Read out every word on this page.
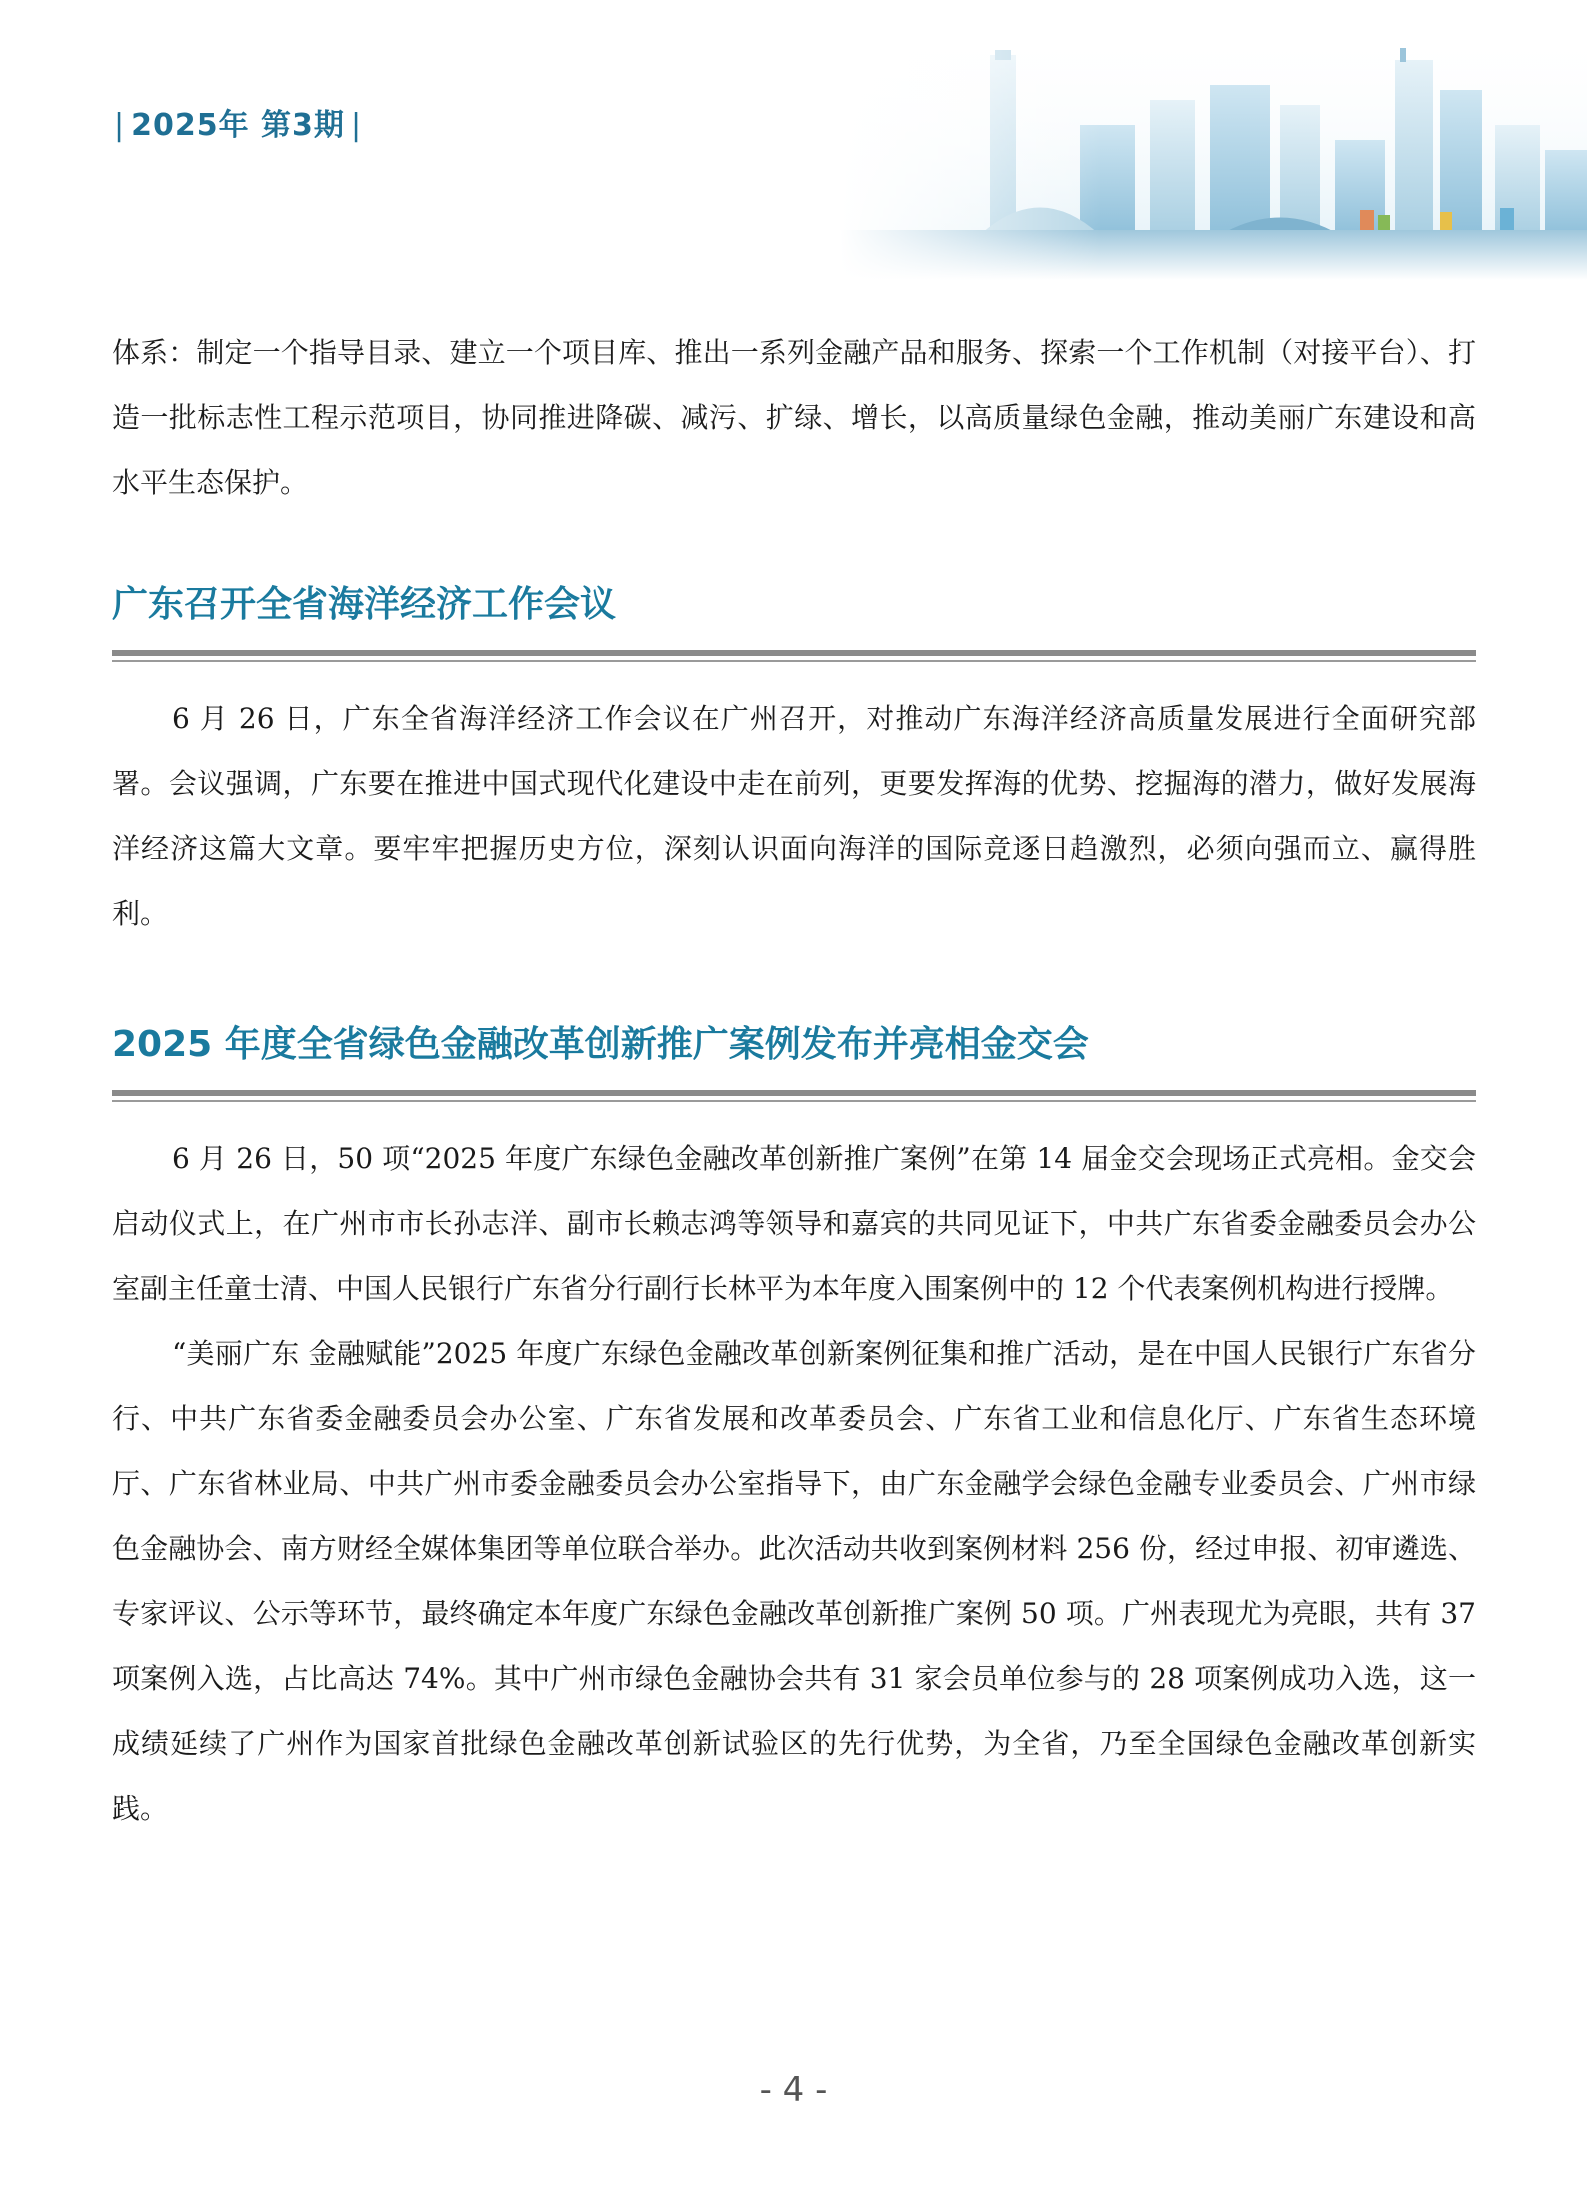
| 2025年 第3期 |

体系：制定一个指导目录、建立一个项目库、推出一系列金融产品和服务、探索一个工作机制（对接平台）、打造一批标志性工程示范项目，协同推进降碳、减污、扩绿、增长，以高质量绿色金融，推动美丽广东建设和高水平生态保护。

广东召开全省海洋经济工作会议

6 月 26 日，广东全省海洋经济工作会议在广州召开，对推动广东海洋经济高质量发展进行全面研究部署。会议强调，广东要在推进中国式现代化建设中走在前列，更要发挥海的优势、挖掘海的潜力，做好发展海洋经济这篇大文章。要牢牢把握历史方位，深刻认识面向海洋的国际竞逐日趋激烈，必须向强而立、赢得胜利。

2025 年度全省绿色金融改革创新推广案例发布并亮相金交会

6 月 26 日，50 项“2025 年度广东绿色金融改革创新推广案例”在第 14 届金交会现场正式亮相。金交会启动仪式上，在广州市市长孙志洋、副市长赖志鸿等领导和嘉宾的共同见证下，中共广东省委金融委员会办公室副主任童士清、中国人民银行广东省分行副行长林平为本年度入围案例中的 12 个代表案例机构进行授牌。

“美丽广东 金融赋能”2025 年度广东绿色金融改革创新案例征集和推广活动，是在中国人民银行广东省分行、中共广东省委金融委员会办公室、广东省发展和改革委员会、广东省工业和信息化厅、广东省生态环境厅、广东省林业局、中共广州市委金融委员会办公室指导下，由广东金融学会绿色金融专业委员会、广州市绿色金融协会、南方财经全媒体集团等单位联合举办。此次活动共收到案例材料 256 份，经过申报、初审遴选、专家评议、公示等环节，最终确定本年度广东绿色金融改革创新推广案例 50 项。广州表现尤为亮眼，共有 37 项案例入选，占比高达 74%。其中广州市绿色金融协会共有 31 家会员单位参与的 28 项案例成功入选，这一成绩延续了广州作为国家首批绿色金融改革创新试验区的先行优势，为全省，乃至全国绿色金融改革创新实践。

- 4 -
